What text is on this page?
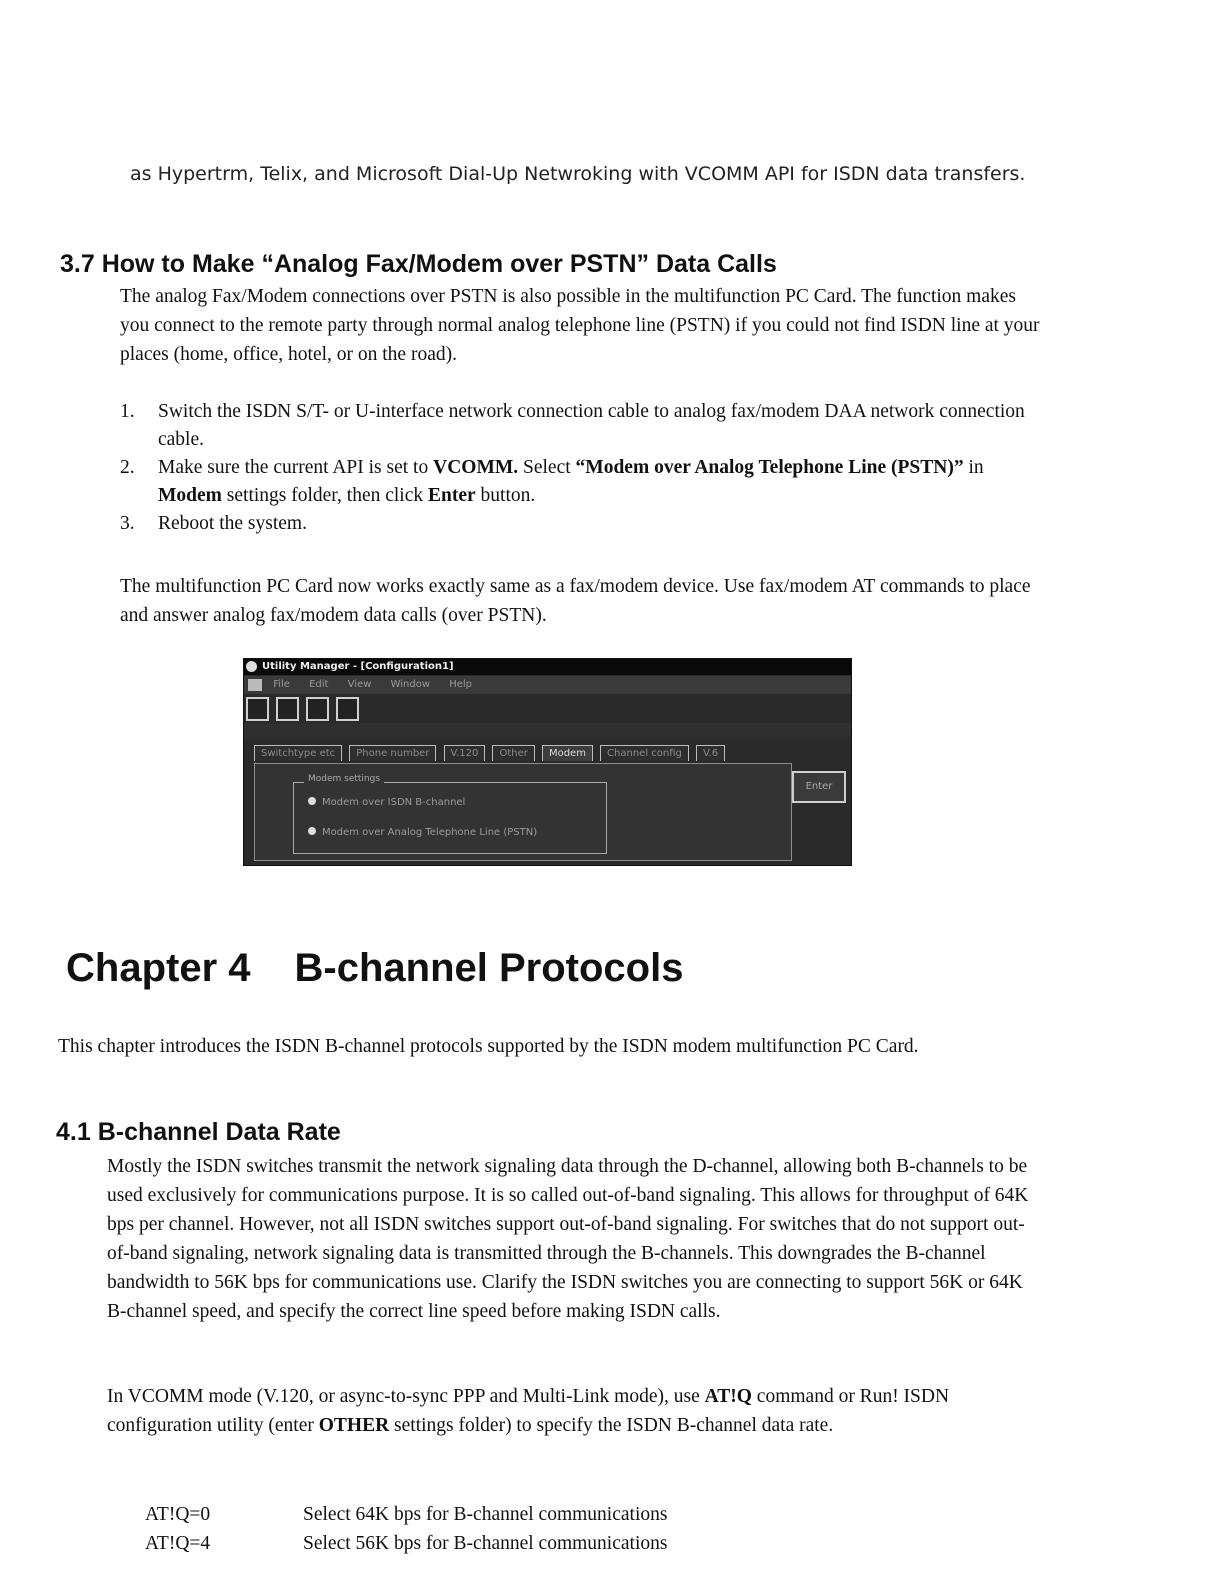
as Hypertrm, Telix, and Microsoft Dial-Up Netwroking with VCOMM API for ISDN data transfers.
3.7 How to Make “Analog Fax/Modem over PSTN” Data Calls

The analog Fax/Modem connections over PSTN is also possible in the multifunction PC Card. The function makes you connect to the remote party through normal analog telephone line (PSTN) if you could not find ISDN line at your places (home, office, hotel, or on the road).

1. Switch the ISDN S/T- or U-interface network connection cable to analog fax/modem DAA network connection cable.
2. Make sure the current API is set to VCOMM. Select “Modem over Analog Telephone Line (PSTN)” in Modem settings folder, then click Enter button.
3. Reboot the system.

The multifunction PC Card now works exactly same as a fax/modem device. Use fax/modem AT commands to place and answer analog fax/modem data calls (over PSTN).

Utility Manager - [Configuration1]
File Edit View Window Help

Switchtype etc Phone number V.120 Other Modem Channel config V.6
Modem settings
Modem over ISDN B-channel
Modem over Analog Telephone Line (PSTN)
Enter
Chapter 4 B-channel Protocols

This chapter introduces the ISDN B-channel protocols supported by the ISDN modem multifunction PC Card.

4.1 B-channel Data Rate

Mostly the ISDN switches transmit the network signaling data through the D-channel, allowing both B-channels to be used exclusively for communications purpose. It is so called out-of-band signaling. This allows for throughput of 64K bps per channel. However, not all ISDN switches support out-of-band signaling. For switches that do not support out-of-band signaling, network signaling data is transmitted through the B-channels. This downgrades the B-channel bandwidth to 56K bps for communications use. Clarify the ISDN switches you are connecting to support 56K or 64K B-channel speed, and specify the correct line speed before making ISDN calls.

In VCOMM mode (V.120, or async-to-sync PPP and Multi-Link mode), use AT!Q command or Run! ISDN configuration utility (enter OTHER settings folder) to specify the ISDN B-channel data rate.

AT!Q=0	Select 64K bps for B-channel communications
AT!Q=4	Select 56K bps for B-channel communications
